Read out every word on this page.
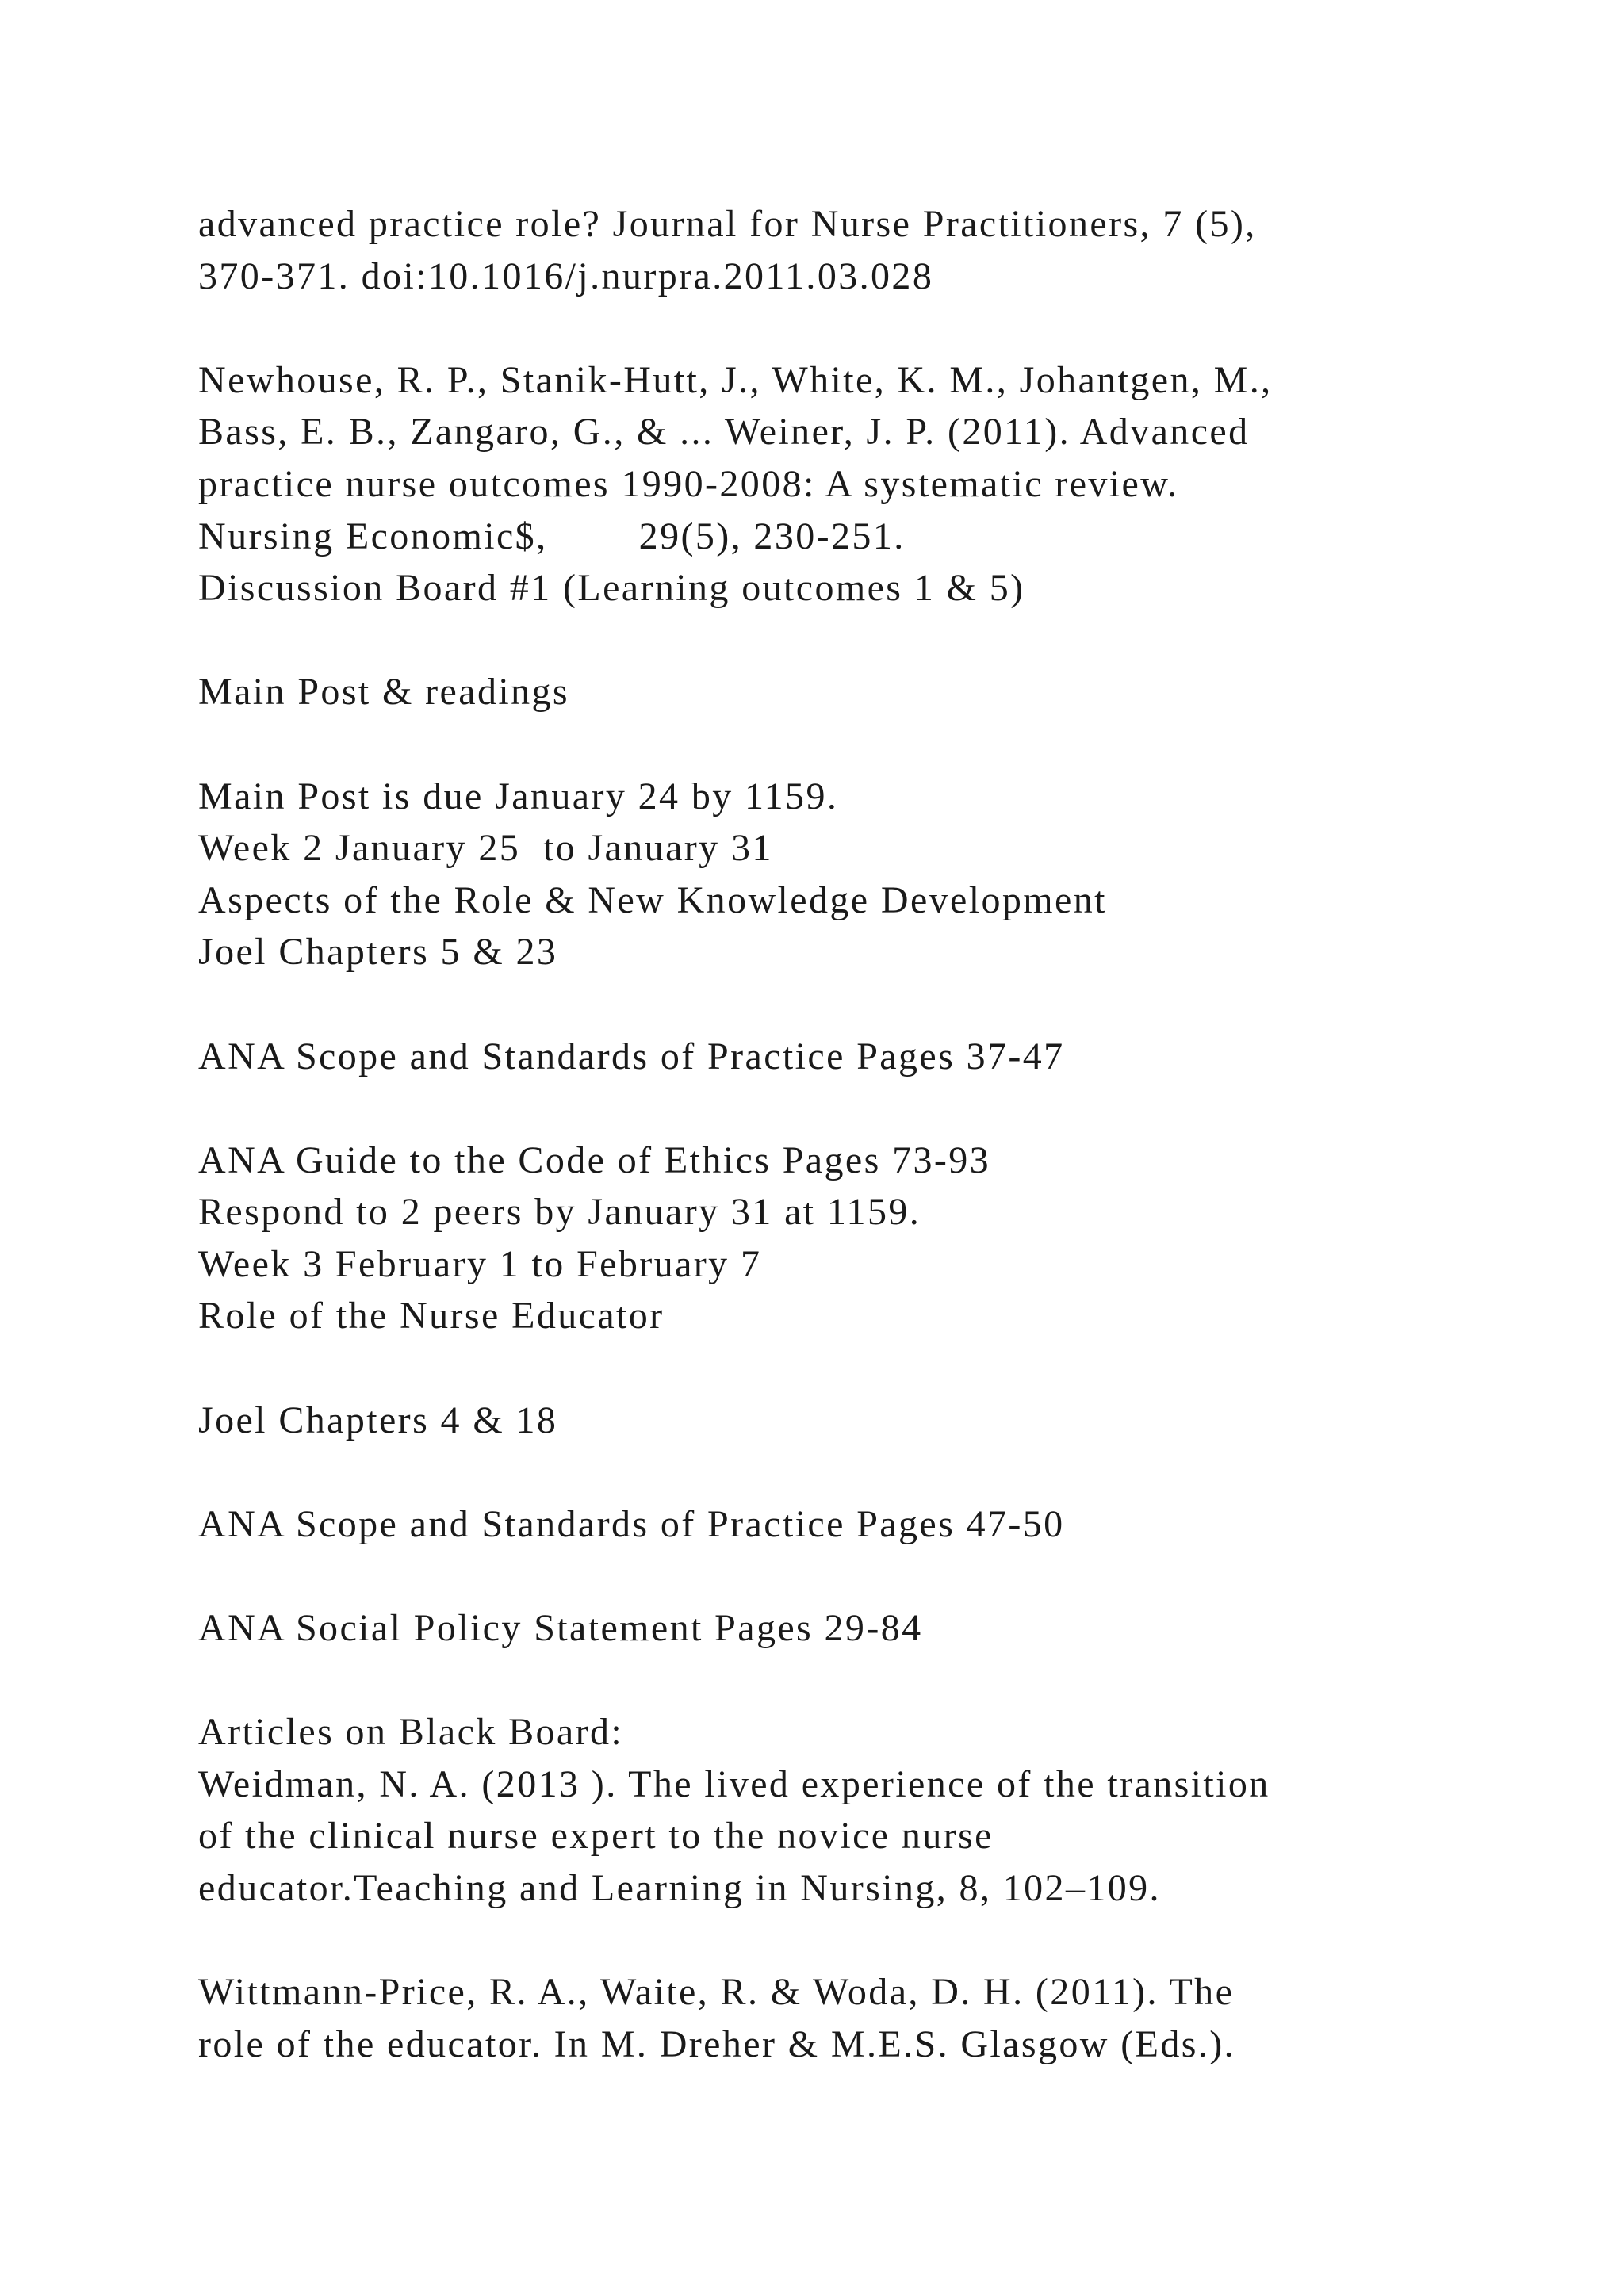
advanced practice role? Journal for Nurse Practitioners, 7 (5),
370-371. doi:10.1016/j.nurpra.2011.03.028
Newhouse, R. P., Stanik-Hutt, J., White, K. M., Johantgen, M.,
Bass, E. B., Zangaro, G., & ... Weiner, J. P. (2011). Advanced
practice nurse outcomes 1990-2008: A systematic review.
Nursing Economic$,        29(5), 230-251.
Discussion Board #1 (Learning outcomes 1 & 5)
Main Post & readings
Main Post is due January 24 by 1159.
Week 2 January 25  to January 31
Aspects of the Role & New Knowledge Development
Joel Chapters 5 & 23
ANA Scope and Standards of Practice Pages 37-47
ANA Guide to the Code of Ethics Pages 73-93
Respond to 2 peers by January 31 at 1159.
Week 3 February 1 to February 7
Role of the Nurse Educator
Joel Chapters 4 & 18
ANA Scope and Standards of Practice Pages 47-50
ANA Social Policy Statement Pages 29-84
Articles on Black Board:
Weidman, N. A. (2013 ). The lived experience of the transition
of the clinical nurse expert to the novice nurse
educator.Teaching and Learning in Nursing, 8, 102–109.
Wittmann-Price, R. A., Waite, R. & Woda, D. H. (2011). The
role of the educator. In M. Dreher & M.E.S. Glasgow (Eds.).
